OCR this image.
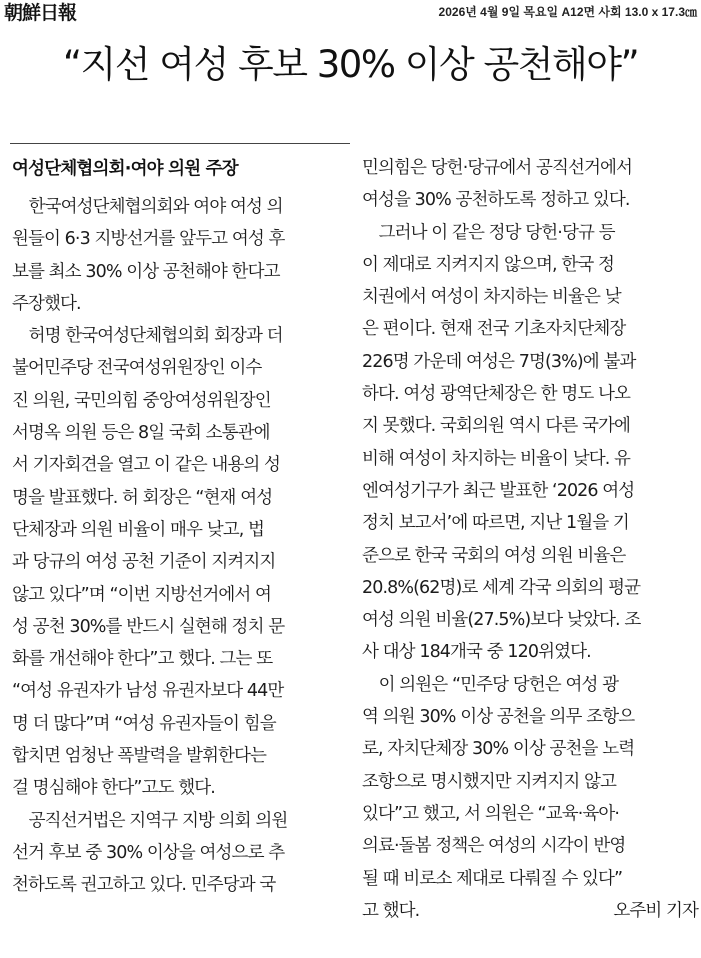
朝鮮日報	2026년 4월 9일 목요일 A12면 사회 13.0 x 17.3㎝
“지선 여성 후보 30% 이상 공천해야”
여성단체협의회·여야 의원 주장
　한국여성단체협의회와 여야 여성 의
원들이 6·3 지방선거를 앞두고 여성 후
보를 최소 30% 이상 공천해야 한다고
주장했다.
　허명 한국여성단체협의회 회장과 더
불어민주당 전국여성위원장인 이수
진 의원, 국민의힘 중앙여성위원장인
서명옥 의원 등은 8일 국회 소통관에
서 기자회견을 열고 이 같은 내용의 성
명을 발표했다. 허 회장은 “현재 여성
단체장과 의원 비율이 매우 낮고, 법
과 당규의 여성 공천 기준이 지켜지지
않고 있다”며 “이번 지방선거에서 여
성 공천 30%를 반드시 실현해 정치 문
화를 개선해야 한다”고 했다. 그는 또
“여성 유권자가 남성 유권자보다 44만
명 더 많다”며 “여성 유권자들이 힘을
합치면 엄청난 폭발력을 발휘한다는
걸 명심해야 한다”고도 했다.
　공직선거법은 지역구 지방 의회 의원
선거 후보 중 30% 이상을 여성으로 추
천하도록 권고하고 있다. 민주당과 국
민의힘은 당헌·당규에서 공직선거에서
여성을 30% 공천하도록 정하고 있다.
　그러나 이 같은 정당 당헌·당규 등
이 제대로 지켜지지 않으며, 한국 정
치권에서 여성이 차지하는 비율은 낮
은 편이다. 현재 전국 기초자치단체장
226명 가운데 여성은 7명(3%)에 불과
하다. 여성 광역단체장은 한 명도 나오
지 못했다. 국회의원 역시 다른 국가에
비해 여성이 차지하는 비율이 낮다. 유
엔여성기구가 최근 발표한 ‘2026 여성
정치 보고서’에 따르면, 지난 1월을 기
준으로 한국 국회의 여성 의원 비율은
20.8%(62명)로 세계 각국 의회의 평균
여성 의원 비율(27.5%)보다 낮았다. 조
사 대상 184개국 중 120위였다.
　이 의원은 “민주당 당헌은 여성 광
역 의원 30% 이상 공천을 의무 조항으
로, 자치단체장 30% 이상 공천을 노력
조항으로 명시했지만 지켜지지 않고
있다”고 했고, 서 의원은 “교육·육아·
의료·돌봄 정책은 여성의 시각이 반영
될 때 비로소 제대로 다뤄질 수 있다”
고 했다.	오주비 기자
